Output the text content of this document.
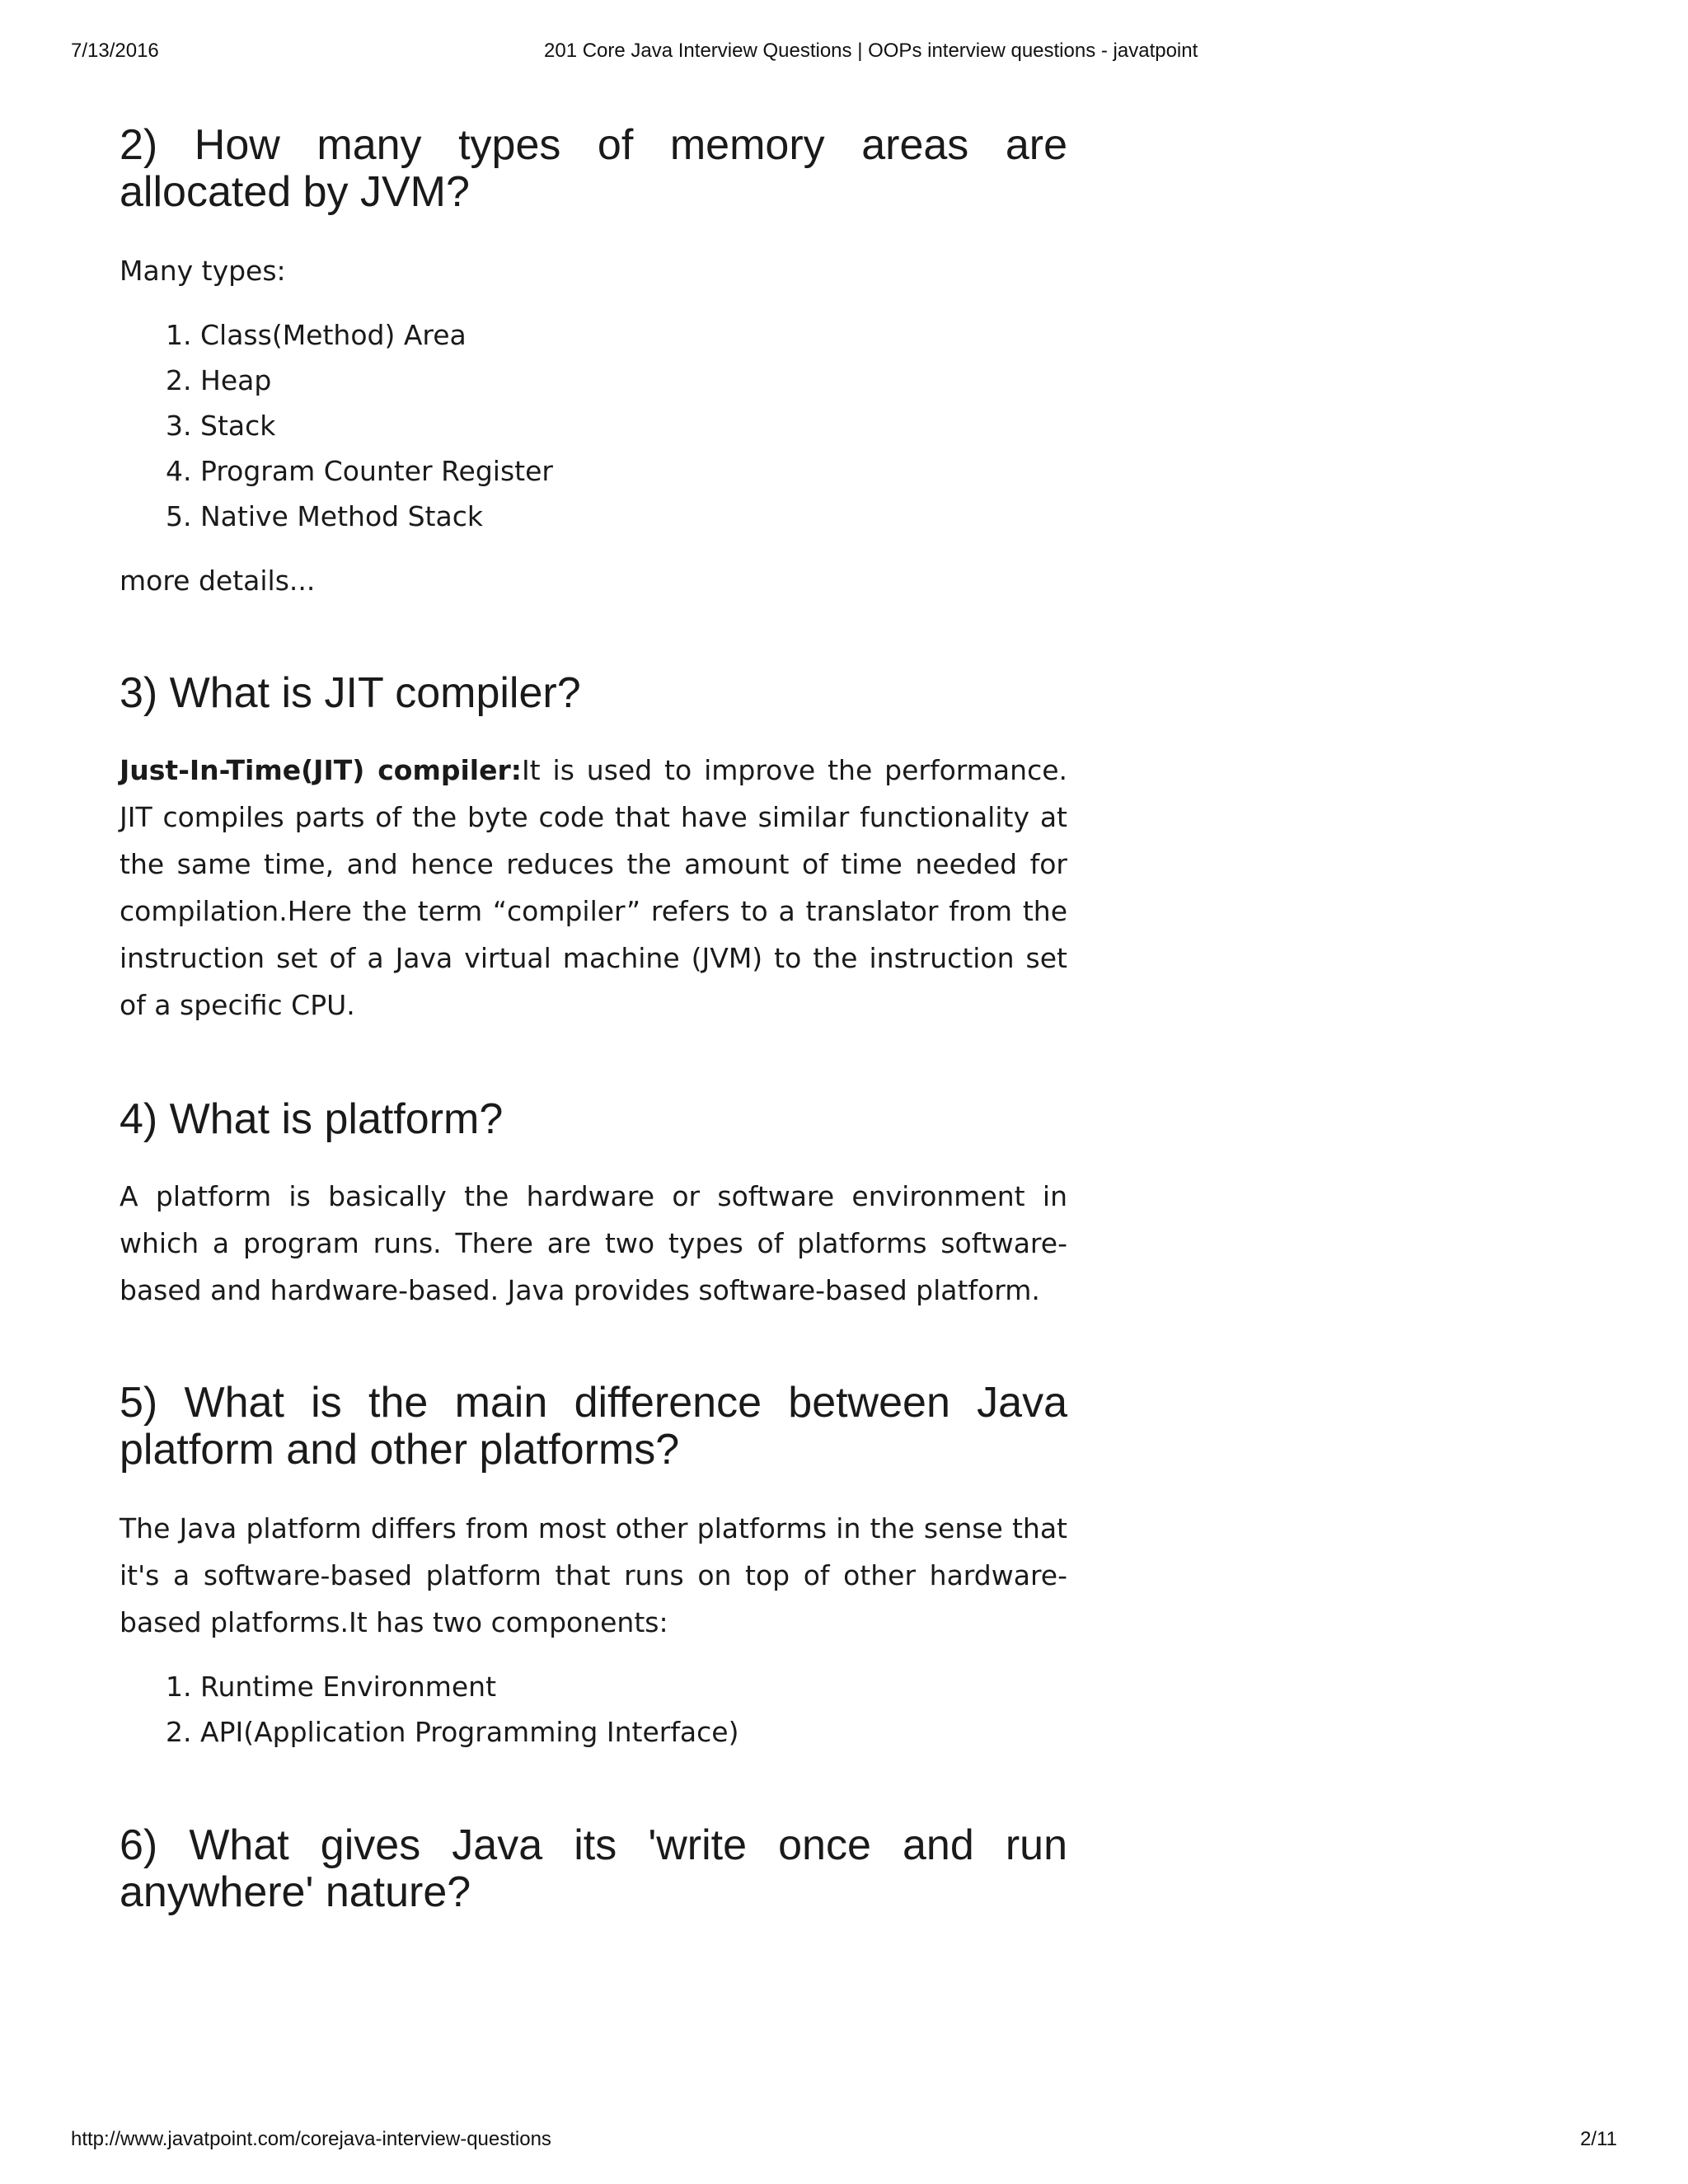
7/13/2016	201 Core Java Interview Questions | OOPs interview questions - javatpoint
2) How many types of memory areas are allocated by JVM?

Many types:

1. Class(Method) Area
2. Heap
3. Stack
4. Program Counter Register
5. Native Method Stack

more details...

3) What is JIT compiler?

Just-In-Time(JIT) compiler:It is used to improve the performance. JIT compiles parts of the byte code that have similar functionality at the same time, and hence reduces the amount of time needed for compilation.Here the term “compiler” refers to a translator from the instruction set of a Java virtual machine (JVM) to the instruction set of a specific CPU.

4) What is platform?

A platform is basically the hardware or software environment in which a program runs. There are two types of platforms software-based and hardware-based. Java provides software-based platform.

5) What is the main difference between Java platform and other platforms?

The Java platform differs from most other platforms in the sense that it's a software-based platform that runs on top of other hardware-based platforms.It has two components:

1. Runtime Environment
2. API(Application Programming Interface)
6) What gives Java its 'write once and run anywhere' nature?
http://www.javatpoint.com/corejava-interview-questions	2/11
